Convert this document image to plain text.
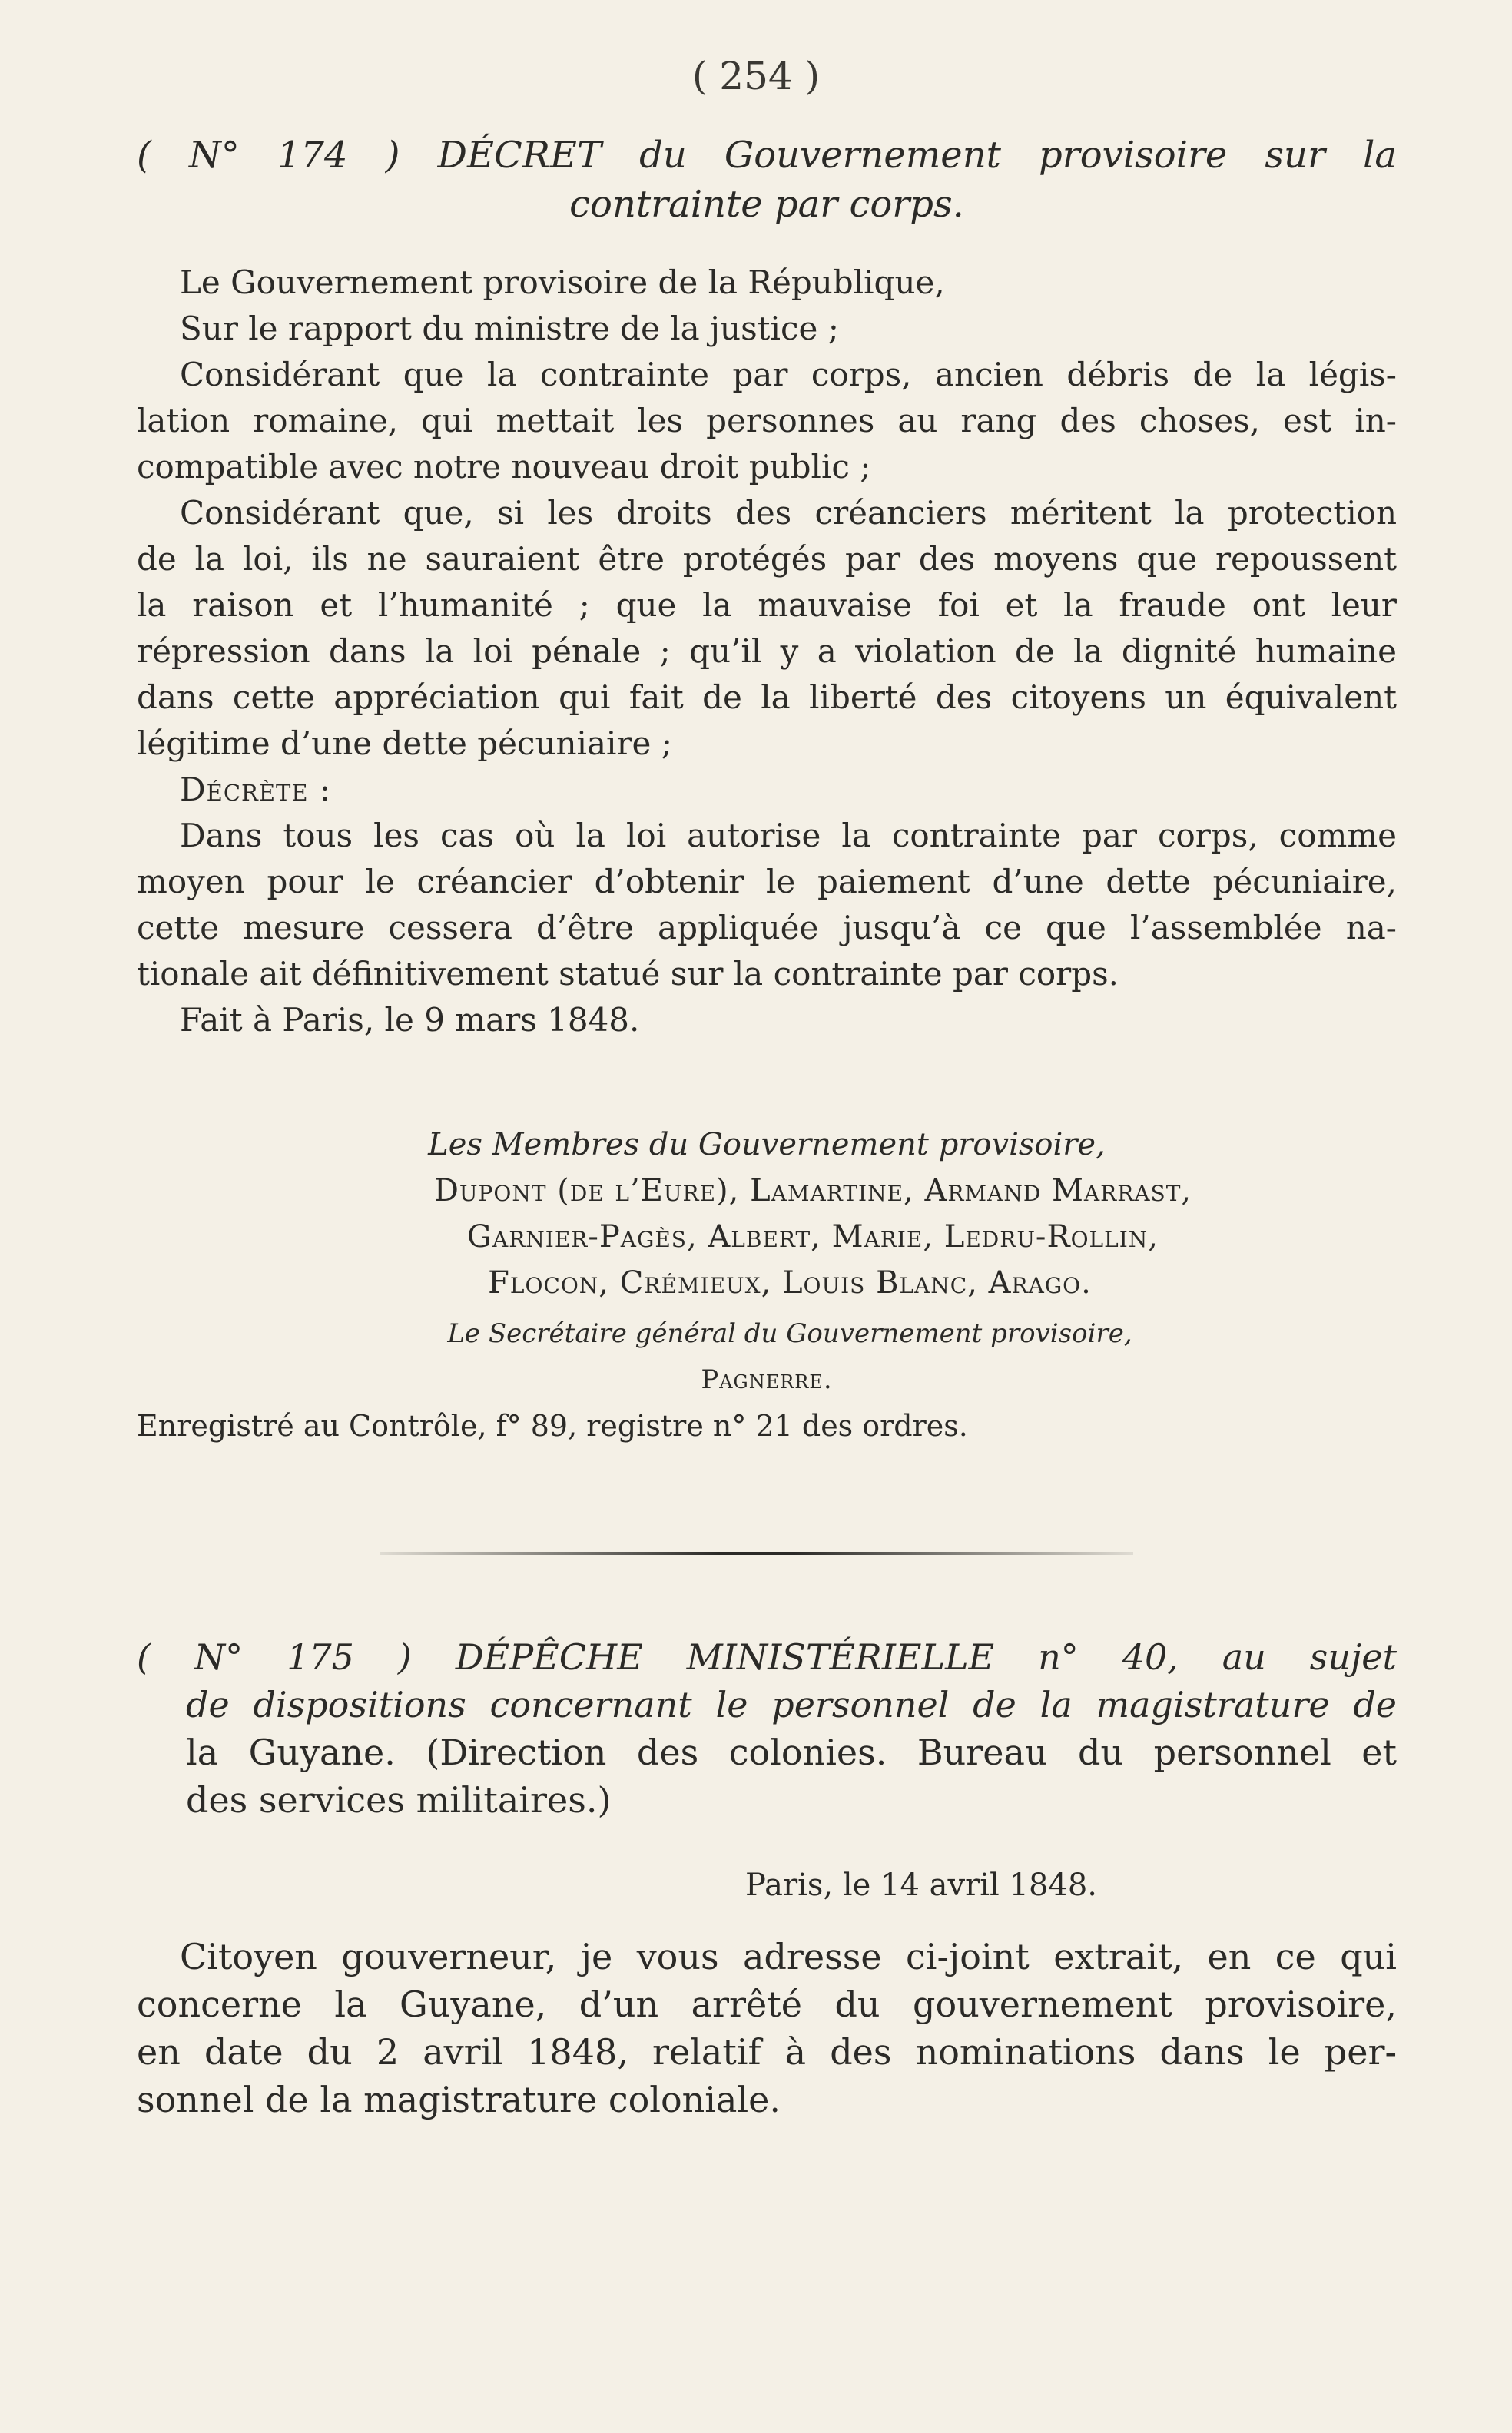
( 254 )
( N° 174 ) DÉCRET du Gouvernement provisoire sur la
contrainte par corps.
Le Gouvernement provisoire de la République,
Sur le rapport du ministre de la justice ;
Considérant que la contrainte par corps, ancien débris de la légis-
lation romaine, qui mettait les personnes au rang des choses, est in-
compatible avec notre nouveau droit public ;
Considérant que, si les droits des créanciers méritent la protection
de la loi, ils ne sauraient être protégés par des moyens que repoussent
la raison et l’humanité ; que la mauvaise foi et la fraude ont leur
répression dans la loi pénale ; qu’il y a violation de la dignité humaine
dans cette appréciation qui fait de la liberté des citoyens un équivalent
légitime d’une dette pécuniaire ;
Décrète :
Dans tous les cas où la loi autorise la contrainte par corps, comme
moyen pour le créancier d’obtenir le paiement d’une dette pécuniaire,
cette mesure cessera d’être appliquée jusqu’à ce que l’assemblée na-
tionale ait définitivement statué sur la contrainte par corps.
Fait à Paris, le 9 mars 1848.
Les Membres du Gouvernement provisoire,
Dupont (de l’Eure), Lamartine, Armand Marrast,
Garnier-Pagès, Albert, Marie, Ledru-Rollin,
Flocon, Crémieux, Louis Blanc, Arago.
Le Secrétaire général du Gouvernement provisoire,
Pagnerre.
Enregistré au Contrôle, f° 89, registre n° 21 des ordres.
( N° 175 ) DÉPÊCHE MINISTÉRIELLE n° 40, au sujet
de dispositions concernant le personnel de la magistrature de
la Guyane. (Direction des colonies. Bureau du personnel et
des services militaires.)
Paris, le 14 avril 1848.
Citoyen gouverneur, je vous adresse ci-joint extrait, en ce qui
concerne la Guyane, d’un arrêté du gouvernement provisoire,
en date du 2 avril 1848, relatif à des nominations dans le per-
sonnel de la magistrature coloniale.
